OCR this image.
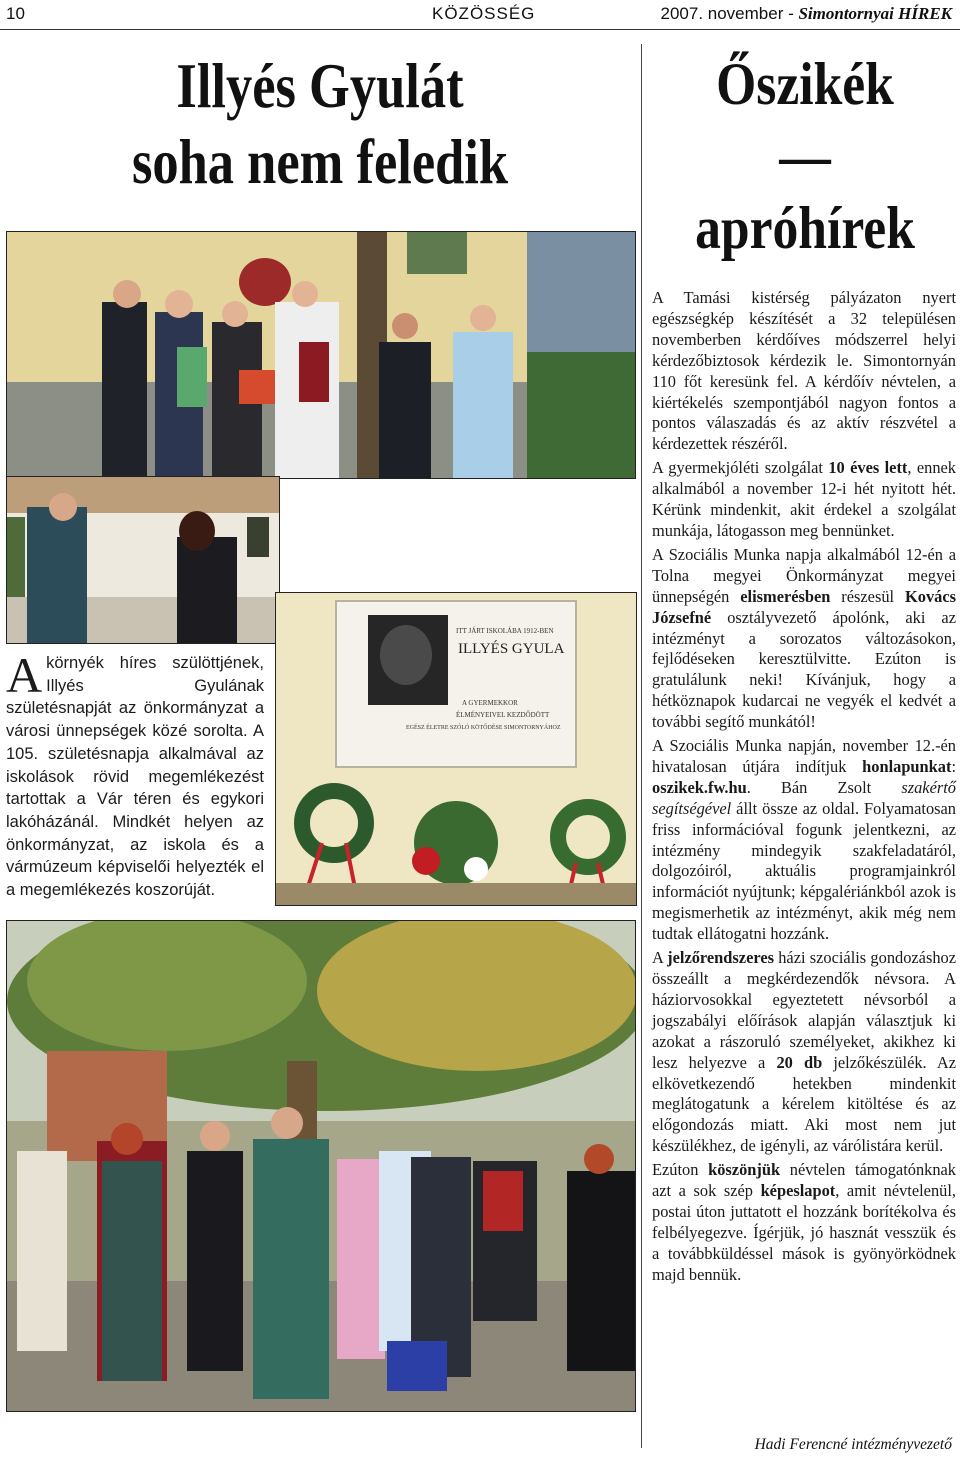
10	KÖZÖSSÉG	2007. november - Simontornyai HÍREK
Illyés Gyulát
soha nem feledik
ITT JÁRT ISKOLÁBA 1912-BEN
ILLYÉS GYULA
A GYERMEKKOR
ÉLMÉNYEIVEL KEZDŐDÖTT
EGÉSZ ÉLETRE SZÓLÓ KÖTŐDÉSE SIMONTORNYÁHOZ
Akörnyék híres szülöttjének, Illyés Gyulának születésnapját az önkormányzat a városi ünnepségek közé sorolta. A 105. születésnapja alkalmával az iskolások rövid megemlékezést tartottak a Vár téren és egykori lakóházánál. Mindkét helyen az önkormányzat, az iskola és a vármúzeum képviselői helyezték el a megemlékezés koszorúját.
Őszikék
—
apróhírek

A Tamási kistérség pályázaton nyert egészségkép készítését a 32 településen novemberben kérdőíves módszerrel helyi kérdezőbiztosok kérdezik le. Simontornyán 110 főt keresünk fel. A kérdőív névtelen, a kiértékelés szempontjából nagyon fontos a pontos válaszadás és az aktív részvétel a kérdezettek részéről.

A gyermekjóléti szolgálat 10 éves lett, ennek alkalmából a november 12-i hét nyitott hét. Kérünk mindenkit, akit érdekel a szolgálat munkája, látogasson meg bennünket.

A Szociális Munka napja alkalmából 12-én a Tolna megyei Önkormányzat megyei ünnepségén elismerésben részesül Kovács Józsefné osztályvezető ápolónk, aki az intézményt a sorozatos változásokon, fejlődéseken keresztülvitte. Ezúton is gratulálunk neki! Kívánjuk, hogy a hétköznapok kudarcai ne vegyék el kedvét a további segítő munkától!

A Szociális Munka napján, november 12.-én hivatalosan útjára indítjuk honlapunkat: oszikek.fw.hu. Bán Zsolt szakértő segítségével állt össze az oldal. Folyamatosan friss információval fogunk jelentkezni, az intézmény mindegyik szakfeladatáról, dolgozóiról, aktuális programjainkról információt nyújtunk; képgalériánkból azok is megismerhetik az intézményt, akik még nem tudtak ellátogatni hozzánk.

A jelzőrendszeres házi szociális gondozáshoz összeállt a megkérdezendők névsora. A háziorvosokkal egyeztetett névsorból a jogszabályi előírások alapján választjuk ki azokat a rászoruló személyeket, akikhez ki lesz helyezve a 20 db jelzőkészülék. Az elkövetkezendő hetekben mindenkit meglátogatunk a kérelem kitöltése és az előgondozás miatt. Aki most nem jut készülékhez, de igényli, az várólistára kerül.

Ezúton köszönjük névtelen támogatónknak azt a sok szép képeslapot, amit névtelenül, postai úton juttatott el hozzánk borítékolva és felbélyegezve. Ígérjük, jó hasznát vesszük és a továbbküldéssel mások is gyönyörködnek majd bennük.

Hadi Ferencné intézményvezető
